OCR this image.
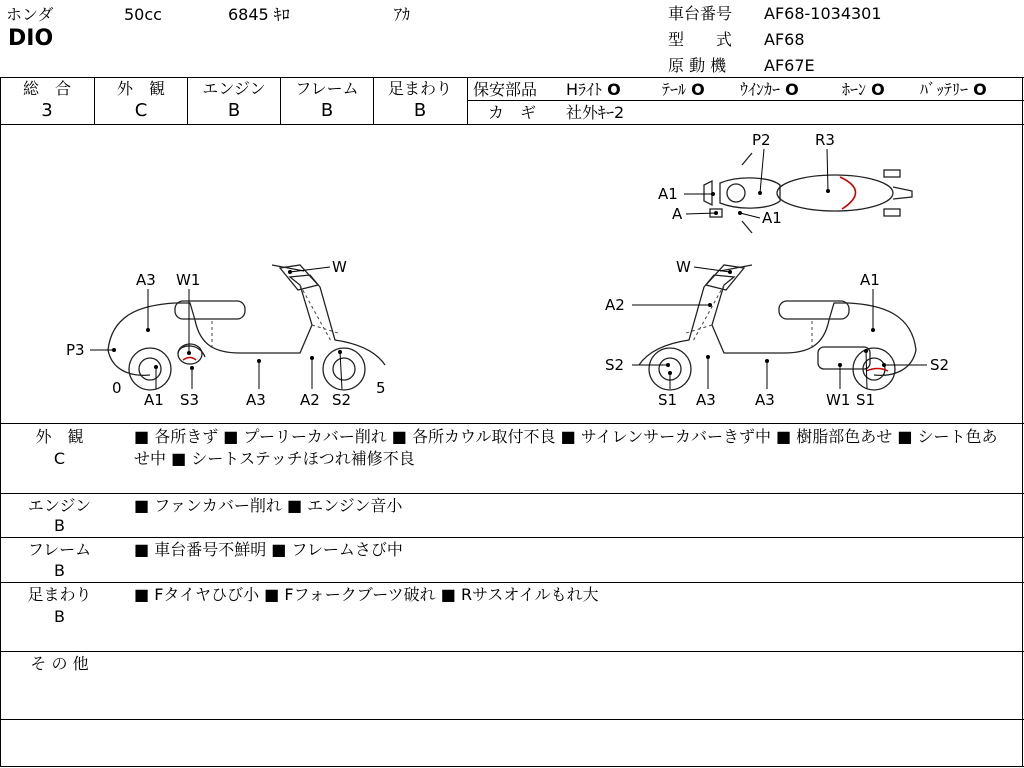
ホンダ	50cc	6845 ｷﾛ	ｱｶ
DIO
車台番号 AF68-1034301
型　　式 AF68
原 動 機 AF67E
総　合	外　観	エンジン	フレーム	足まわり
3	C	B	B	B
保安部品 Hﾗｲﾄ O	ﾃｰﾙ O ｳｲﾝｶｰ O	ﾎｰﾝ O ﾊﾞｯﾃﾘｰ O
カ　ギ 社外ｷｰ2
A3 W1
W
P3
0
A1 S3	A3 A2 S2
5
W
A1
A2
S2
S1 A3	A3	W1 S1
S2
P2	R3
A1
A	A1
外　観
C
■ 各所きず ■ プーリーカバー削れ ■ 各所カウル取付不良 ■ サイレンサーカバーきず中 ■ 樹脂部色あせ ■ シート色あせ中 ■ シートステッチほつれ補修不良
エンジン
B
■ ファンカバー削れ ■ エンジン音小
フレーム
B
■ 車台番号不鮮明 ■ フレームさび中
足まわり
B
■ Fタイヤひび小 ■ Fフォークブーツ破れ ■ Rサスオイルもれ大
そ の 他
